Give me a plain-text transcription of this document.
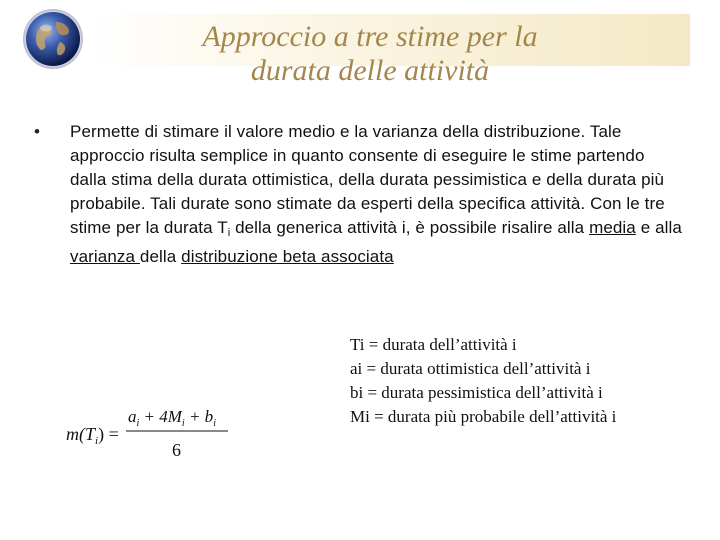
Approccio a tre stime per la
durata delle attività
• Permette di stimare il valore medio e la varianza della distribuzione. Tale approccio risulta semplice in quanto consente di eseguire le stime partendo dalla stima della durata ottimistica, della durata pessimistica e della durata più probabile. Tali durate sono stimate da esperti della specifica attività. Con le tre stime per la durata $T_i$ della generica attività i, è possibile risalire alla media e alla varianza della distribuzione beta associata
Ti = durata dell’attività i
ai = durata ottimistica dell’attività i
bi = durata pessimistica dell’attività i
Mi = durata più probabile dell’attività i
$m(T_i)$ =
$a_i + 4M_i + b_i$
6
